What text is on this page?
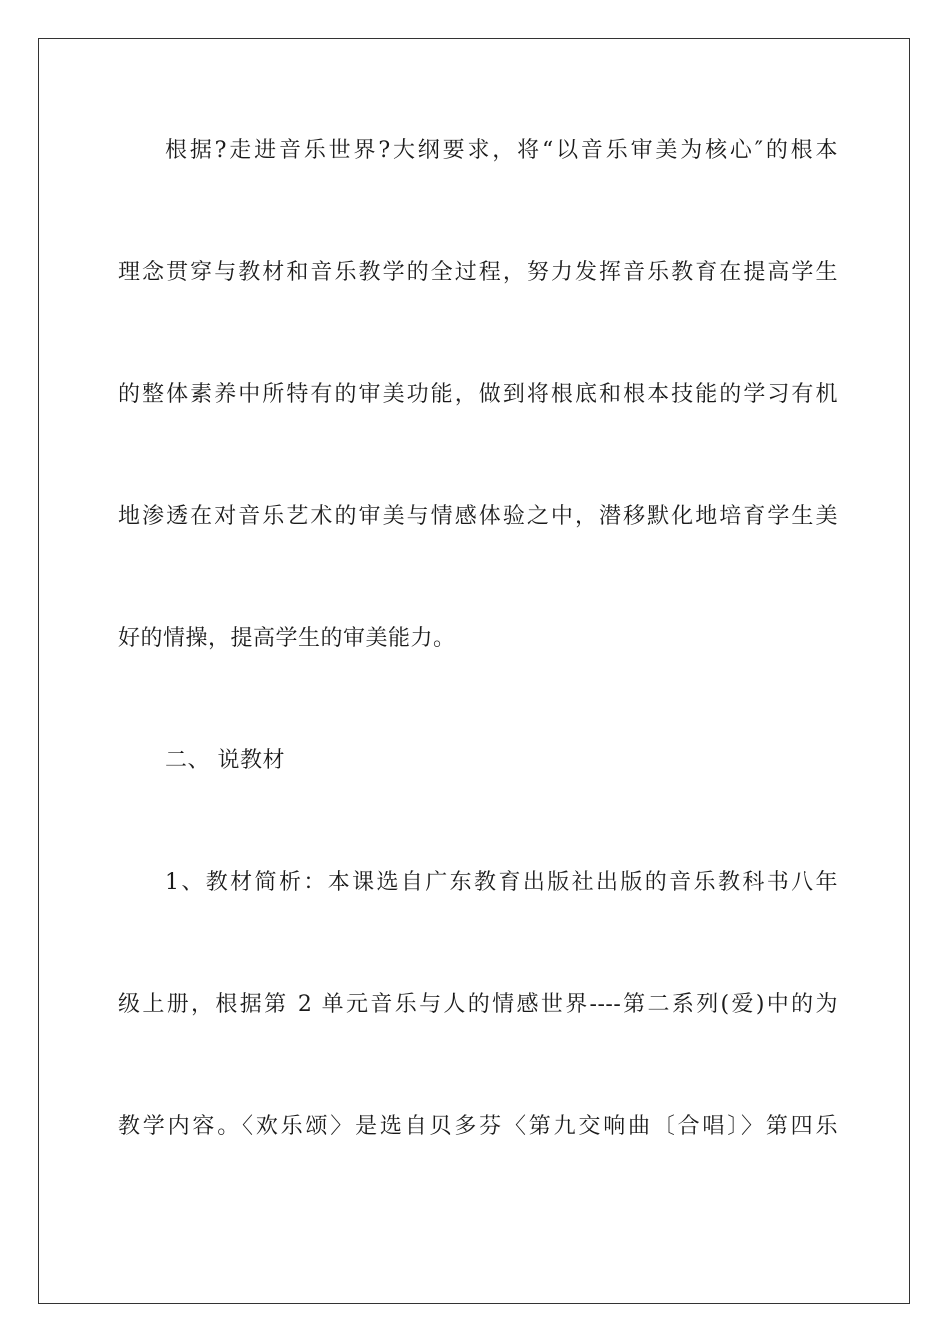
根据?走进音乐世界?大纲要求，将“以音乐审美为核心″的根本
理念贯穿与教材和音乐教学的全过程，努力发挥音乐教育在提高学生
的整体素养中所特有的审美功能，做到将根底和根本技能的学习有机
地渗透在对音乐艺术的审美与情感体验之中，潜移默化地培育学生美
好的情操，提高学生的审美能力。
二、 说教材
1、教材简析：本课选自广东教育出版社出版的音乐教科书八年
级上册，根据第 2 单元音乐与人的情感世界----第二系列(爱)中的为
教学内容。〈欢乐颂〉是选自贝多芬〈第九交响曲〔合唱〕〉第四乐
